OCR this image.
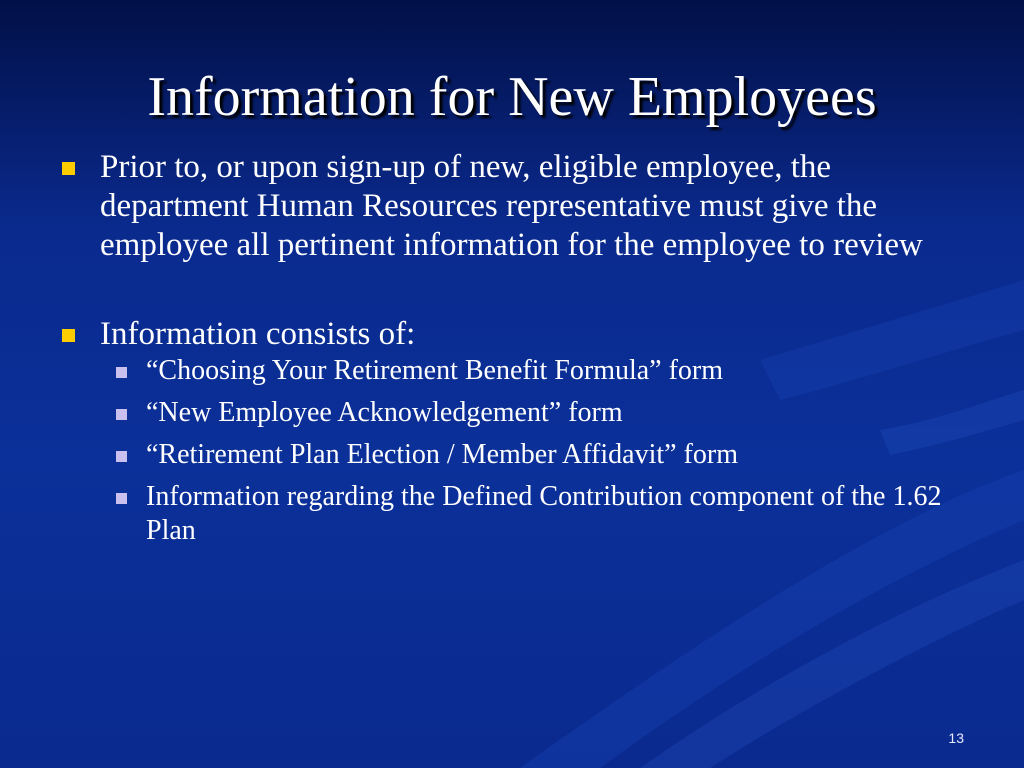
Information for New Employees
Prior to, or upon sign-up of new, eligible employee, the department Human Resources representative must give the employee all pertinent information for the employee to review
Information consists of:
“Choosing Your Retirement Benefit Formula” form
“New Employee Acknowledgement” form
“Retirement Plan Election / Member Affidavit” form
Information regarding the Defined Contribution component of the 1.62 Plan
13
